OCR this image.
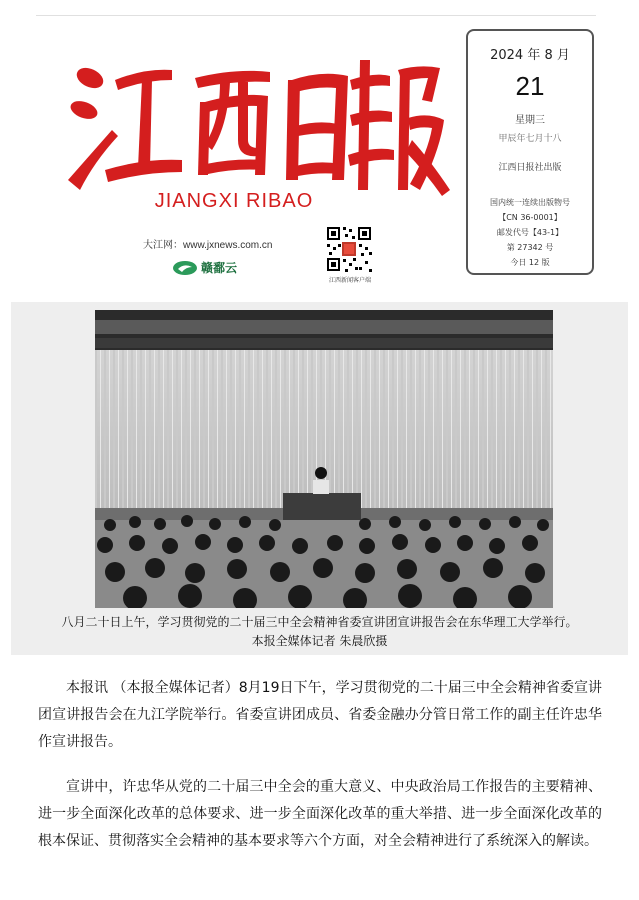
JIANGXI RIBAO
大江网：www.jxnews.com.cn
赣鄱云
江西新闻客户端
2024 年 8 月
21
星期三
甲辰年七月十八
江西日报社出版
国内统一连续出版物号
【CN 36-0001】
邮发代号【43-1】
第 27342 号
今日 12 版
八月二十日上午，学习贯彻党的二十届三中全会精神省委宣讲团宣讲报告会在东华理工大学举行。
本报全媒体记者 朱晨欣摄

本报讯 （本报全媒体记者）8月19日下午，学习贯彻党的二十届三中全会精神省委宣讲团宣讲报告会在九江学院举行。省委宣讲团成员、省委金融办分管日常工作的副主任许忠华作宣讲报告。

宣讲中，许忠华从党的二十届三中全会的重大意义、中央政治局工作报告的主要精神、进一步全面深化改革的总体要求、进一步全面深化改革的重大举措、进一步全面深化改革的根本保证、贯彻落实全会精神的基本要求等六个方面，对全会精神进行了系统深入的解读。
